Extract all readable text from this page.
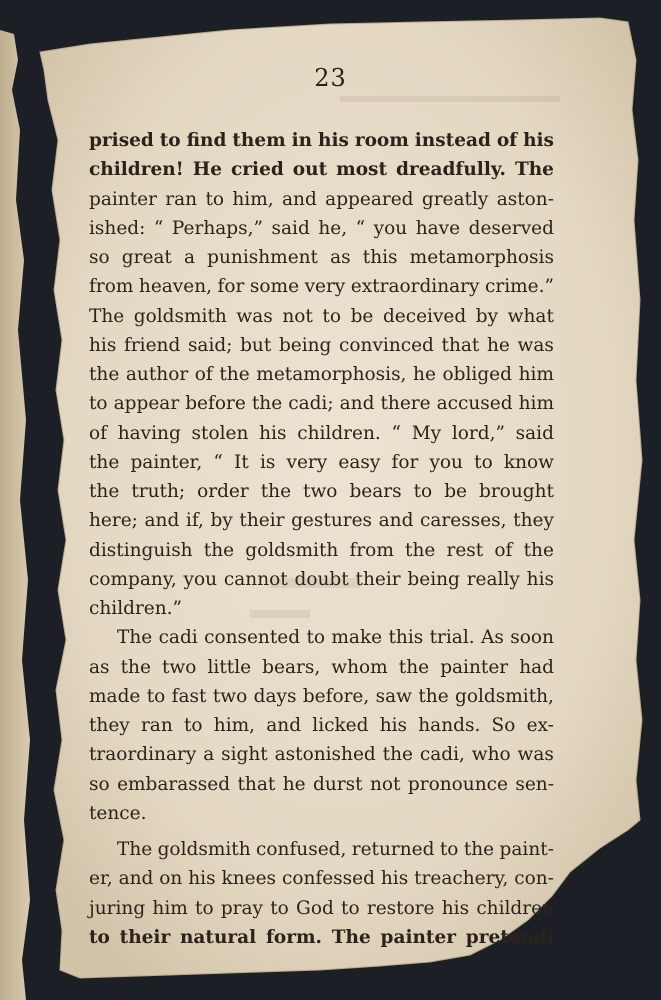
23
prised to find them in his room instead of his
children! He cried out most dreadfully. The
painter ran to him, and appeared greatly aston-
ished: “ Perhaps,” said he, “ you have deserved
so great a punishment as this metamorphosis
from heaven, for some very extraordinary crime.”
The goldsmith was not to be deceived by what
his friend said; but being convinced that he was
the author of the metamorphosis, he obliged him
to appear before the cadi; and there accused him
of having stolen his children. “ My lord,” said
the painter, “ It is very easy for you to know
the truth; order the two bears to be brought
here; and if, by their gestures and caresses, they
distinguish the goldsmith from the rest of the
company, you cannot doubt their being really his
children.”
The cadi consented to make this trial. As soon
as the two little bears, whom the painter had
made to fast two days before, saw the goldsmith,
they ran to him, and licked his hands. So ex-
traordinary a sight astonished the cadi, who was
so embarassed that he durst not pronounce sen-
tence.
The goldsmith confused, returned to the paint-
er, and on his knees confessed his treachery, con-
juring him to pray to God to restore his children
to their natural form. The painter pretendi
